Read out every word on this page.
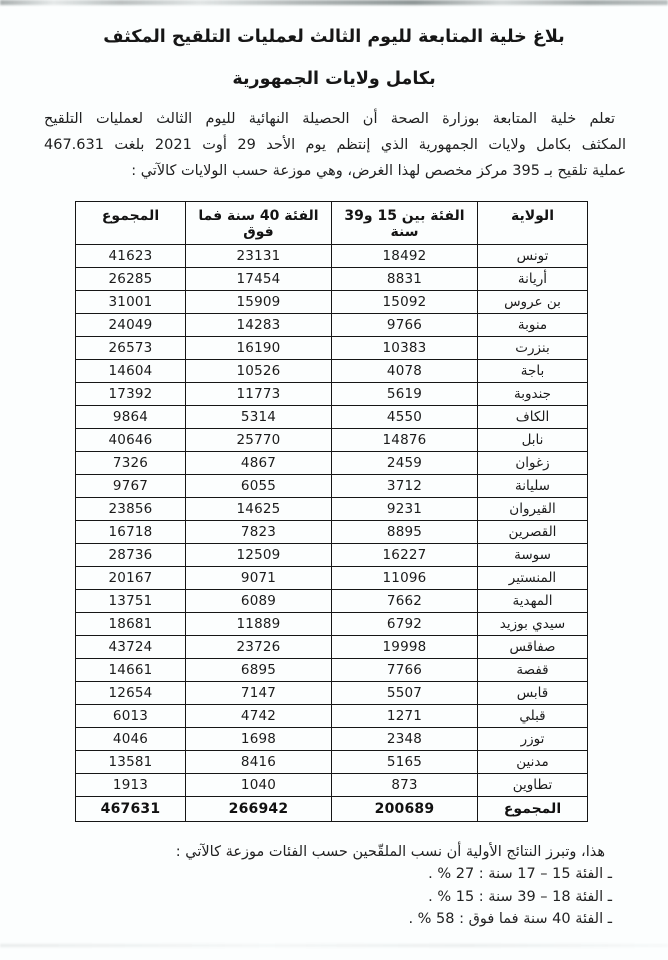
بلاغ خلية المتابعة لليوم الثالث لعمليات التلقيح المكثف
بكامل ولايات الجمهورية
تعلم خلية المتابعة بوزارة الصحة أن الحصيلة النهائية لليوم الثالث لعمليات التلقيح
المكثف بكامل ولايات الجمهورية الذي إنتظم يوم الأحد 29 أوت 2021 بلغت 467.631
عملية تلقيح بـ 395 مركز مخصص لهذا الغرض، وهي موزعة حسب الولايات كالآتي :
الولاية	الفئة بين 15 و39 سنة	الفئة 40 سنة فما فوق	المجموع
تونس	18492	23131	41623
أريانة	8831	17454	26285
بن عروس	15092	15909	31001
منوبة	9766	14283	24049
بنزرت	10383	16190	26573
باجة	4078	10526	14604
جندوبة	5619	11773	17392
الكاف	4550	5314	9864
نابل	14876	25770	40646
زغوان	2459	4867	7326
سليانة	3712	6055	9767
القيروان	9231	14625	23856
القصرين	8895	7823	16718
سوسة	16227	12509	28736
المنستير	11096	9071	20167
المهدية	7662	6089	13751
سيدي بوزيد	6792	11889	18681
صفاقس	19998	23726	43724
قفصة	7766	6895	14661
قابس	5507	7147	12654
قبلي	1271	4742	6013
توزر	2348	1698	4046
مدنين	5165	8416	13581
تطاوين	873	1040	1913
المجموع	200689	266942	467631
هذا، وتبرز النتائج الأولية أن نسب الملقّحين حسب الفئات موزعة كالآتي :
ـ الفئة 15 – 17 سنة : 27 % .
ـ الفئة 18 – 39 سنة : 15 % .
ـ الفئة 40 سنة فما فوق : 58 % .
